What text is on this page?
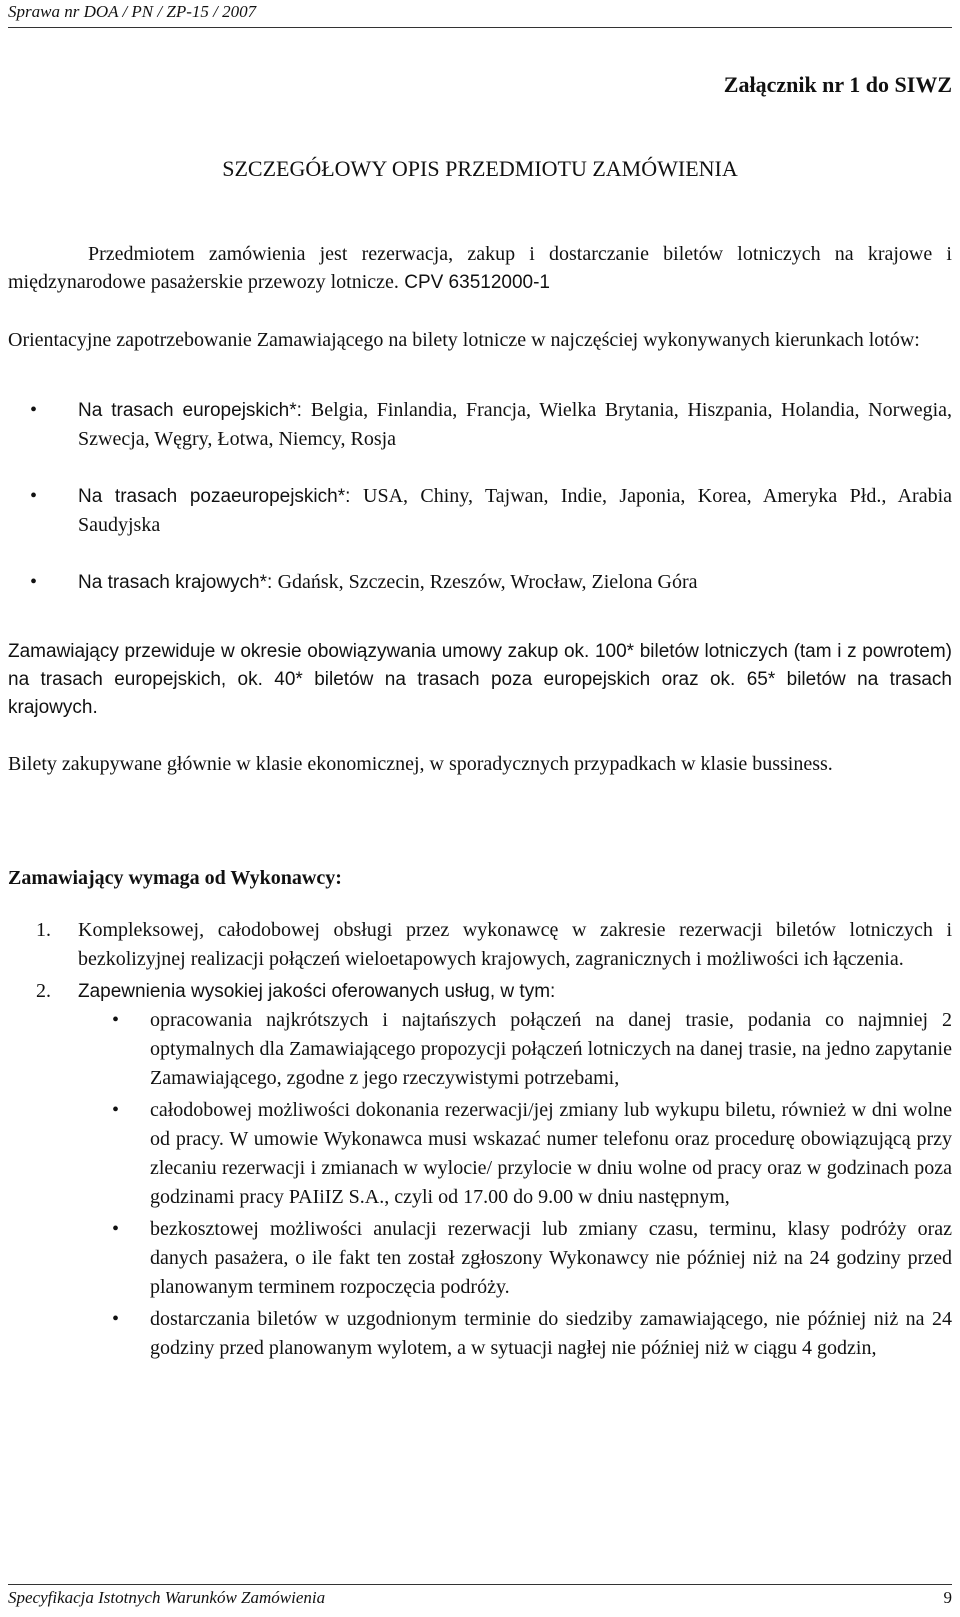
Sprawa nr DOA / PN / ZP-15 / 2007
Załącznik nr 1 do SIWZ
SZCZEGÓŁOWY OPIS PRZEDMIOTU ZAMÓWIENIA

Przedmiotem zamówienia jest rezerwacja, zakup i dostarczanie biletów lotniczych na krajowe i międzynarodowe pasażerskie przewozy lotnicze. CPV 63512000-1

Orientacyjne zapotrzebowanie Zamawiającego na bilety lotnicze w najczęściej wykonywanych kierunkach lotów:

• Na trasach europejskich*: Belgia, Finlandia, Francja, Wielka Brytania, Hiszpania, Holandia, Norwegia, Szwecja, Węgry, Łotwa, Niemcy, Rosja
• Na trasach pozaeuropejskich*: USA, Chiny, Tajwan, Indie, Japonia, Korea, Ameryka Płd., Arabia Saudyjska
• Na trasach krajowych*: Gdańsk, Szczecin, Rzeszów, Wrocław, Zielona Góra

Zamawiający przewiduje w okresie obowiązywania umowy zakup ok. 100* biletów lotniczych (tam i z powrotem) na trasach europejskich, ok. 40* biletów na trasach poza europejskich oraz ok. 65* biletów na trasach krajowych.

Bilety zakupywane głównie w klasie ekonomicznej, w sporadycznych przypadkach w klasie bussiness.

Zamawiający wymaga od Wykonawcy:
1. Kompleksowej, całodobowej obsługi przez wykonawcę w zakresie rezerwacji biletów lotniczych i bezkolizyjnej realizacji połączeń wieloetapowych krajowych, zagranicznych i możliwości ich łączenia.
2. Zapewnienia wysokiej jakości oferowanych usług, w tym:
• opracowania najkrótszych i najtańszych połączeń na danej trasie, podania co najmniej 2 optymalnych dla Zamawiającego propozycji połączeń lotniczych na danej trasie, na jedno zapytanie Zamawiającego, zgodne z jego rzeczywistymi potrzebami,
• całodobowej możliwości dokonania rezerwacji/jej zmiany lub wykupu biletu, również w dni wolne od pracy. W umowie Wykonawca musi wskazać numer telefonu oraz procedurę obowiązującą przy zlecaniu rezerwacji i zmianach w wylocie/ przylocie w dniu wolne od pracy oraz w godzinach poza godzinami pracy PAIiIZ S.A., czyli od 17.00 do 9.00 w dniu następnym,
• bezkosztowej możliwości anulacji rezerwacji lub zmiany czasu, terminu, klasy podróży oraz danych pasażera, o ile fakt ten został zgłoszony Wykonawcy nie później niż na 24 godziny przed planowanym terminem rozpoczęcia podróży.
• dostarczania biletów w uzgodnionym terminie do siedziby zamawiającego, nie później niż na 24 godziny przed planowanym wylotem, a w sytuacji nagłej nie później niż w ciągu 4 godzin,
Specyfikacja Istotnych Warunków Zamówienia	9
